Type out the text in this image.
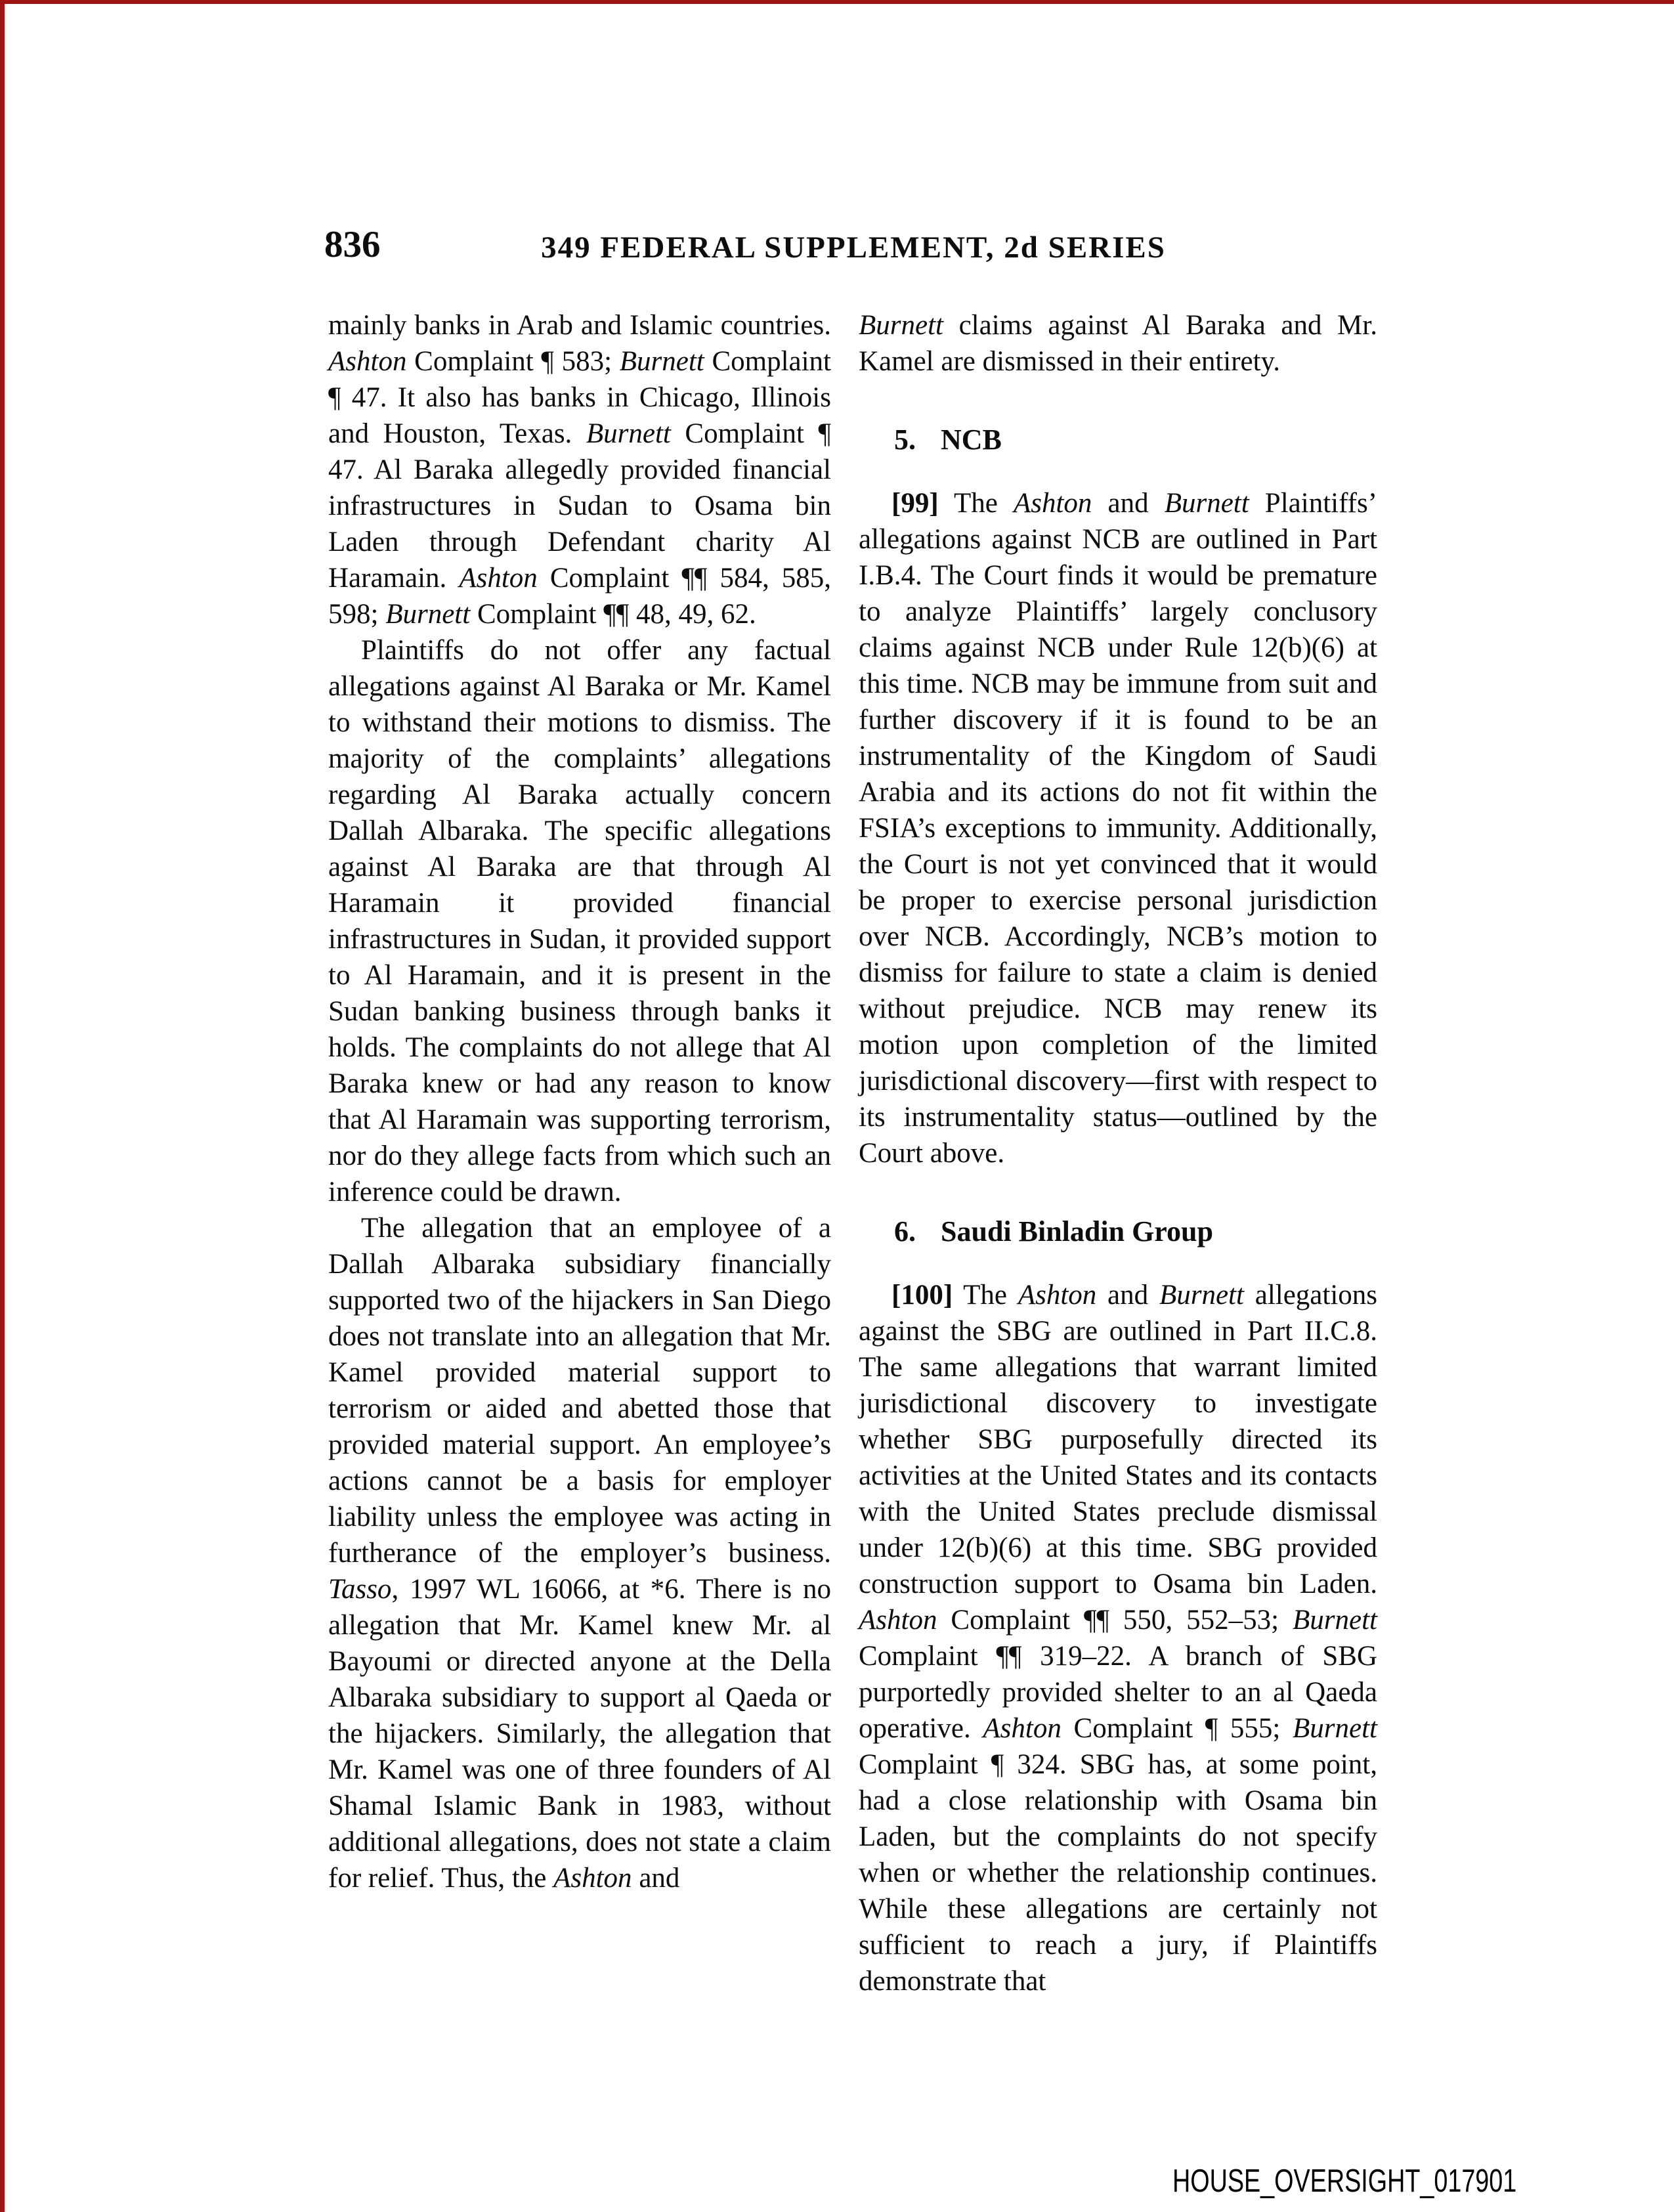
836	349 FEDERAL SUPPLEMENT, 2d SERIES

mainly banks in Arab and Islamic countries. Ashton Complaint ¶ 583; Burnett Complaint ¶ 47. It also has banks in Chicago, Illinois and Houston, Texas. Burnett Complaint ¶ 47. Al Baraka allegedly provided financial infrastructures in Sudan to Osama bin Laden through Defendant charity Al Haramain. Ashton Complaint ¶¶ 584, 585, 598; Burnett Complaint ¶¶ 48, 49, 62.

Plaintiffs do not offer any factual allegations against Al Baraka or Mr. Kamel to withstand their motions to dismiss. The majority of the complaints’ allegations regarding Al Baraka actually concern Dallah Albaraka. The specific allegations against Al Baraka are that through Al Haramain it provided financial infrastructures in Sudan, it provided support to Al Haramain, and it is present in the Sudan banking business through banks it holds. The complaints do not allege that Al Baraka knew or had any reason to know that Al Haramain was supporting terrorism, nor do they allege facts from which such an inference could be drawn.

The allegation that an employee of a Dallah Albaraka subsidiary financially supported two of the hijackers in San Diego does not translate into an allegation that Mr. Kamel provided material support to terrorism or aided and abetted those that provided material support. An employee’s actions cannot be a basis for employer liability unless the employee was acting in furtherance of the employer’s business. Tasso, 1997 WL 16066, at *6. There is no allegation that Mr. Kamel knew Mr. al Bayoumi or directed anyone at the Della Albaraka subsidiary to support al Qaeda or the hijackers. Similarly, the allegation that Mr. Kamel was one of three founders of Al Shamal Islamic Bank in 1983, without additional allegations, does not state a claim for relief. Thus, the Ashton and

Burnett claims against Al Baraka and Mr. Kamel are dismissed in their entirety.

5. NCB

[99] The Ashton and Burnett Plaintiffs’ allegations against NCB are outlined in Part I.B.4. The Court finds it would be premature to analyze Plaintiffs’ largely conclusory claims against NCB under Rule 12(b)(6) at this time. NCB may be immune from suit and further discovery if it is found to be an instrumentality of the Kingdom of Saudi Arabia and its actions do not fit within the FSIA’s exceptions to immunity. Additionally, the Court is not yet convinced that it would be proper to exercise personal jurisdiction over NCB. Accordingly, NCB’s motion to dismiss for failure to state a claim is denied without prejudice. NCB may renew its motion upon completion of the limited jurisdictional discovery—first with respect to its instrumentality status—outlined by the Court above.

6. Saudi Binladin Group

[100] The Ashton and Burnett allegations against the SBG are outlined in Part II.C.8. The same allegations that warrant limited jurisdictional discovery to investigate whether SBG purposefully directed its activities at the United States and its contacts with the United States preclude dismissal under 12(b)(6) at this time. SBG provided construction support to Osama bin Laden. Ashton Complaint ¶¶ 550, 552–53; Burnett Complaint ¶¶ 319–22. A branch of SBG purportedly provided shelter to an al Qaeda operative. Ashton Complaint ¶ 555; Burnett Complaint ¶ 324. SBG has, at some point, had a close relationship with Osama bin Laden, but the complaints do not specify when or whether the relationship continues. While these allegations are certainly not sufficient to reach a jury, if Plaintiffs demonstrate that

HOUSE_OVERSIGHT_017901
